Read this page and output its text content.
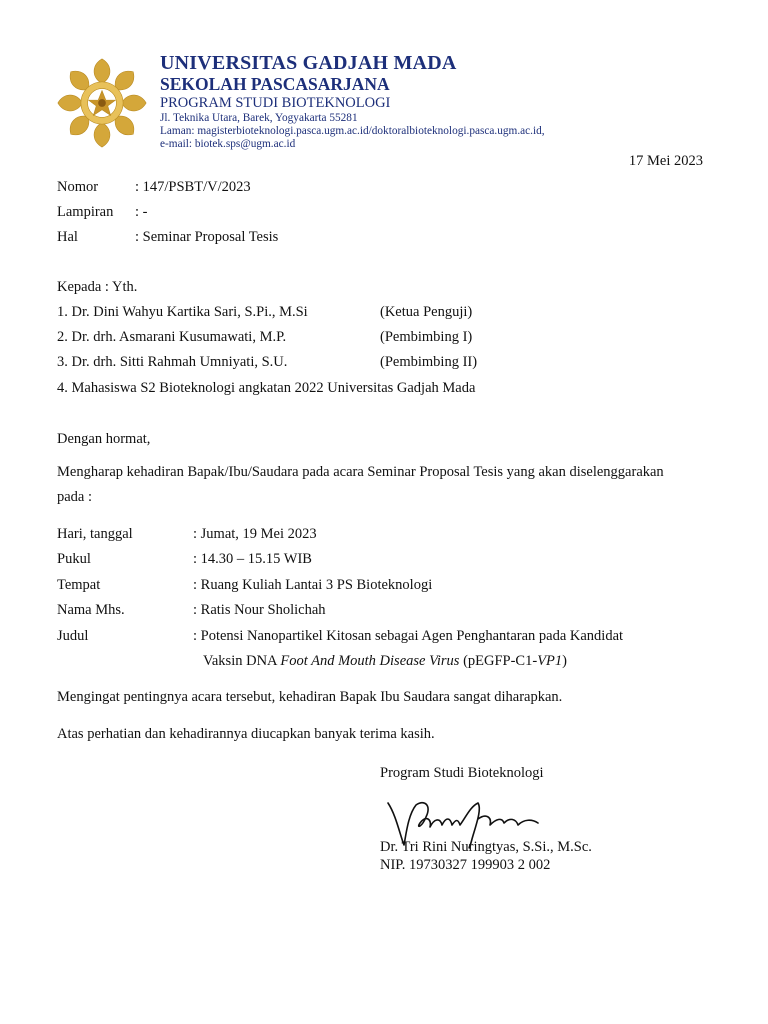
UNIVERSITAS GADJAH MADA
SEKOLAH PASCASARJANA
PROGRAM STUDI BIOTEKNOLOGI
Jl. Teknika Utara, Barek, Yogyakarta 55281
Laman: magisterbioteknologi.pasca.ugm.ac.id/doktoralbioteknologi.pasca.ugm.ac.id,
e-mail: biotek.sps@ugm.ac.id
17 Mei 2023
Nomor	: 147/PSBT/V/2023
Lampiran : -
Hal	: Seminar Proposal Tesis
Kepada : Yth.
1. Dr. Dini Wahyu Kartika Sari, S.Pi., M.Si	(Ketua Penguji)
2. Dr. drh. Asmarani Kusumawati, M.P.	(Pembimbing I)
3. Dr. drh. Sitti Rahmah Umniyati, S.U.	(Pembimbing II)
4. Mahasiswa S2 Bioteknologi angkatan 2022 Universitas Gadjah Mada
Dengan hormat,
Mengharap kehadiran Bapak/Ibu/Saudara pada acara Seminar Proposal Tesis yang akan diselenggarakan
pada :
Hari, tanggal	: Jumat, 19 Mei 2023
Pukul	: 14.30 – 15.15 WIB
Tempat	: Ruang Kuliah Lantai 3 PS Bioteknologi
Nama Mhs.	: Ratis Nour Sholichah
Judul	: Potensi Nanopartikel Kitosan sebagai Agen Penghantaran pada Kandidat
Vaksin DNA Foot And Mouth Disease Virus (pEGFP-C1-VP1)
Mengingat pentingnya acara tersebut, kehadiran Bapak Ibu Saudara sangat diharapkan.
Atas perhatian dan kehadirannya diucapkan banyak terima kasih.
Program Studi Bioteknologi
Dr. Tri Rini Nuringtyas, S.Si., M.Sc.
NIP. 19730327 199903 2 002
